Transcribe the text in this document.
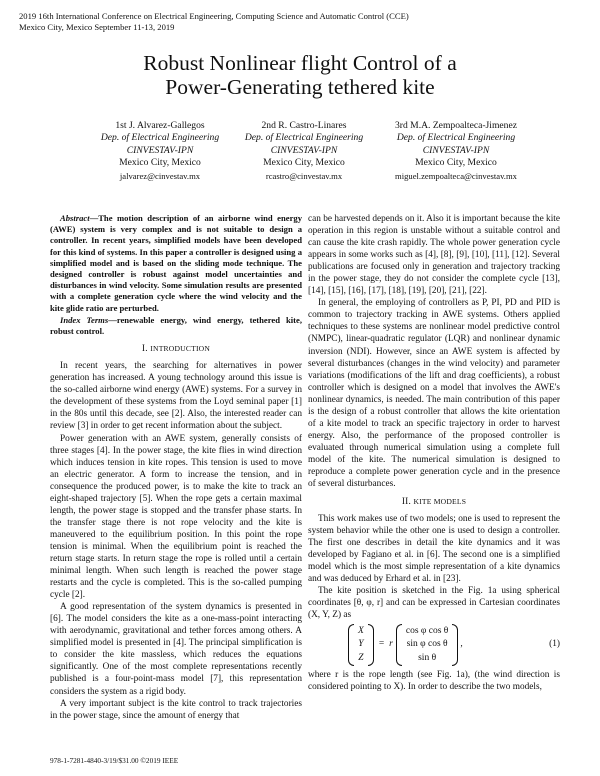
2019 16th International Conference on Electrical Engineering, Computing Science and Automatic Control (CCE)
Mexico City, Mexico September 11-13, 2019
Robust Nonlinear flight Control of a
Power-Generating tethered kite
1st J. Alvarez-Gallegos
Dep. of Electrical Engineering
CINVESTAV-IPN
Mexico City, Mexico
jalvarez@cinvestav.mx
2nd R. Castro-Linares
Dep. of Electrical Engineering
CINVESTAV-IPN
Mexico City, Mexico
rcastro@cinvestav.mx
3rd M.A. Zempoalteca-Jimenez
Dep. of Electrical Engineering
CINVESTAV-IPN
Mexico City, Mexico
miguel.zempoalteca@cinvestav.mx

Abstract—The motion description of an airborne wind energy (AWE) system is very complex and is not suitable to design a controller. In recent years, simplified models have been developed for this kind of systems. In this paper a controller is designed using a simplified model and is based on the sliding mode technique. The designed controller is robust against model uncertainties and disturbances in wind velocity. Some simulation results are presented with a complete generation cycle where the wind velocity and the kite glide ratio are perturbed.

Index Terms—renewable energy, wind energy, tethered kite, robust control.

I. INTRODUCTION

In recent years, the searching for alternatives in power generation has increased. A young technology around this issue is the so-called airborne wind energy (AWE) systems. For a survey in the development of these systems from the Loyd seminal paper [1] in the 80s until this decade, see [2]. Also, the interested reader can review [3] in order to get recent information about the subject.

Power generation with an AWE system, generally consists of three stages [4]. In the power stage, the kite flies in wind direction which induces tension in kite ropes. This tension is used to move an electric generator. A form to increase the tension, and in consequence the produced power, is to make the kite to track an eight-shaped trajectory [5]. When the rope gets a certain maximal length, the power stage is stopped and the transfer phase starts. In the transfer stage there is not rope velocity and the kite is maneuvered to the equilibrium position. In this point the rope tension is minimal. When the equilibrium point is reached the return stage starts. In return stage the rope is rolled until a certain minimal length. When such length is reached the power stage restarts and the cycle is completed. This is the so-called pumping cycle [2].

A good representation of the system dynamics is presented in [6]. The model considers the kite as a one-mass-point interacting with aerodynamic, gravitational and tether forces among others. A simplified model is presented in [4]. The principal simplification is to consider the kite massless, which reduces the equations significantly. One of the most complete representations recently published is a four-point-mass model [7], this representation considers the system as a rigid body.

A very important subject is the kite control to track trajectories in the power stage, since the amount of energy that

can be harvested depends on it. Also it is important because the kite operation in this region is unstable without a suitable control and can cause the kite crash rapidly. The whole power generation cycle appears in some works such as [4], [8], [9], [10], [11], [12]. Several publications are focused only in generation and trajectory tracking in the power stage, they do not consider the complete cycle [13], [14], [15], [16], [17], [18], [19], [20], [21], [22].

In general, the employing of controllers as P, PI, PD and PID is common to trajectory tracking in AWE systems. Others applied techniques to these systems are nonlinear model predictive control (NMPC), linear-quadratic regulator (LQR) and nonlinear dynamic inversion (NDI). However, since an AWE system is affected by several disturbances (changes in the wind velocity) and parameter variations (modifications of the lift and drag coefficients), a robust controller which is designed on a model that involves the AWE's nonlinear dynamics, is needed. The main contribution of this paper is the design of a robust controller that allows the kite orientation of a kite model to track an specific trajectory in order to harvest energy. Also, the performance of the proposed controller is evaluated through numerical simulation using a complete full model of the kite. The numerical simulation is designed to reproduce a complete power generation cycle and in the presence of several disturbances.

II. KITE MODELS

This work makes use of two models; one is used to represent the system behavior while the other one is used to design a controller. The first one describes in detail the kite dynamics and it was developed by Fagiano et al. in [6]. The second one is a simplified model which is the most simple representation of a kite dynamics and was deduced by Erhard et al. in [23].

The kite position is sketched in the Fig. 1a using spherical coordinates [θ, φ, r] and can be expressed in Cartesian coordinates (X, Y, Z) as

X
Y
Z
= r
cos φ cos θ
sin φ cos θ
sin θ
,	(1)

where r is the rope length (see Fig. 1a), (the wind direction is considered pointing to X). In order to describe the two models,

978-1-7281-4840-3/19/$31.00 ©2019 IEEE
